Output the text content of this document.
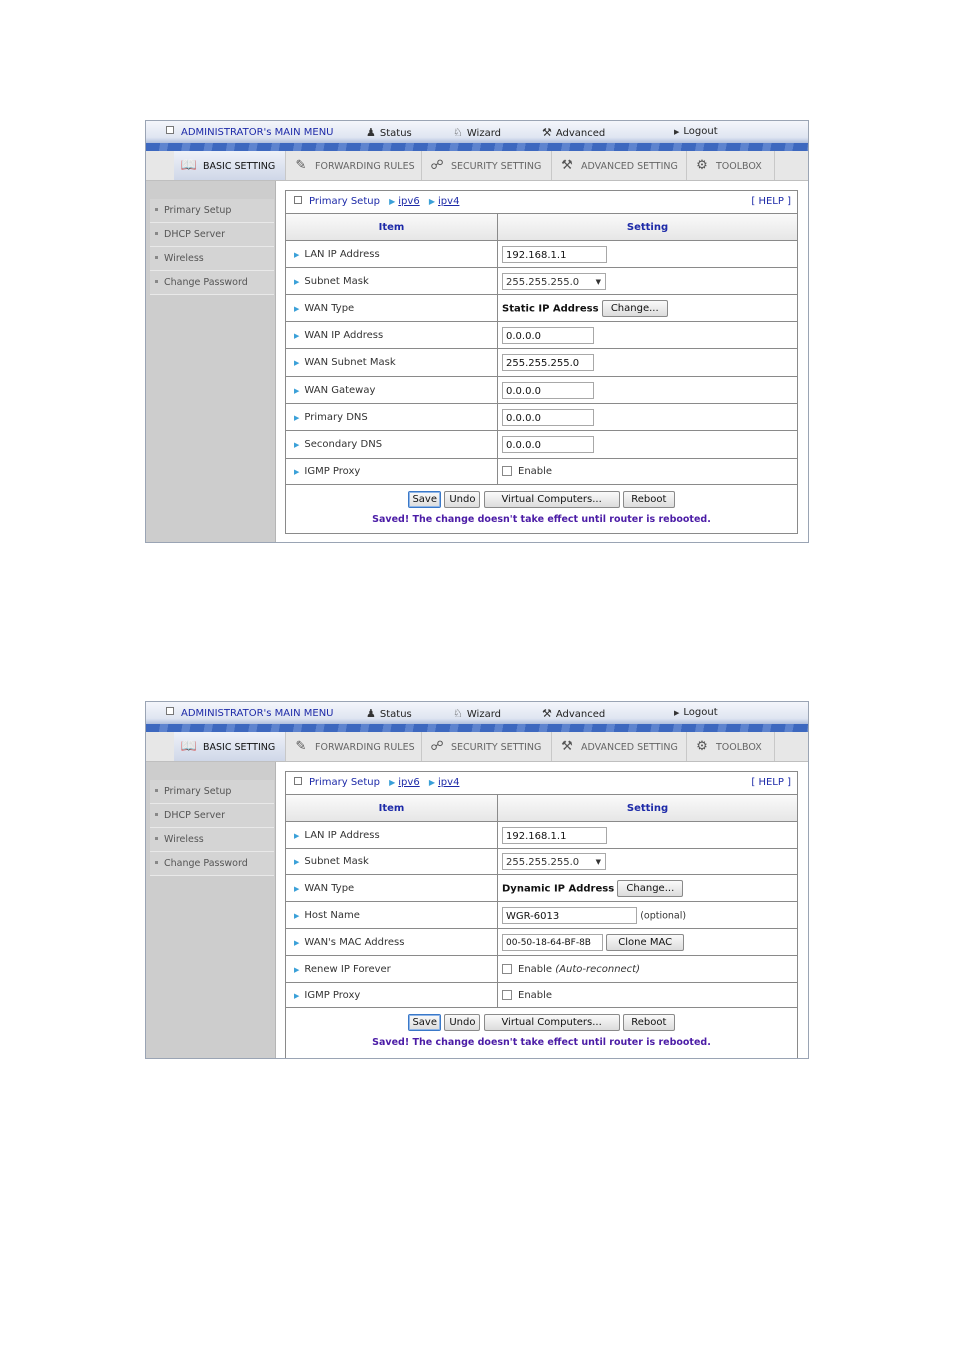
ADMINISTRATOR's MAIN MENU	♟ Status	♘ Wizard	⚒ Advanced	▶ Logout
📖 BASIC SETTING	✎ FORWARDING RULES	☍ SECURITY SETTING	⚒ ADVANCED SETTING	⚙ TOOLBOX
Primary Setup
DHCP Server
Wireless
Change Password
Primary Setup ▶ ipv6 ▶ ipv4	[ HELP ]
Item	Setting
▶ LAN IP Address	192.168.1.1
▶ Subnet Mask	255.255.255.0 ▼

▶ WAN Type	Static IP Address Change...
▶ WAN IP Address	0.0.0.0
▶ WAN Subnet Mask	255.255.255.0
▶ WAN Gateway	0.0.0.0
▶ Primary DNS	0.0.0.0
▶ Secondary DNS	0.0.0.0
▶ IGMP Proxy	Enable
Save Undo	Virtual Computers...	Reboot
Saved! The change doesn't take effect until router is rebooted.
ADMINISTRATOR's MAIN MENU	♟ Status	♘ Wizard	⚒ Advanced	▶ Logout
📖 BASIC SETTING	✎ FORWARDING RULES	☍ SECURITY SETTING	⚒ ADVANCED SETTING	⚙ TOOLBOX
Primary Setup
DHCP Server
Wireless
Change Password
Primary Setup ▶ ipv6 ▶ ipv4	[ HELP ]
Item	Setting
▶ LAN IP Address	192.168.1.1
▶ Subnet Mask	255.255.255.0 ▼

▶ WAN Type	Dynamic IP Address Change...
▶ Host Name	WGR-6013 (optional)
▶ WAN's MAC Address	00-50-18-64-BF-8B Clone MAC
▶ Renew IP Forever	Enable (Auto-reconnect)
▶ IGMP Proxy	Enable
Save Undo	Virtual Computers...	Reboot
Saved! The change doesn't take effect until router is rebooted.
